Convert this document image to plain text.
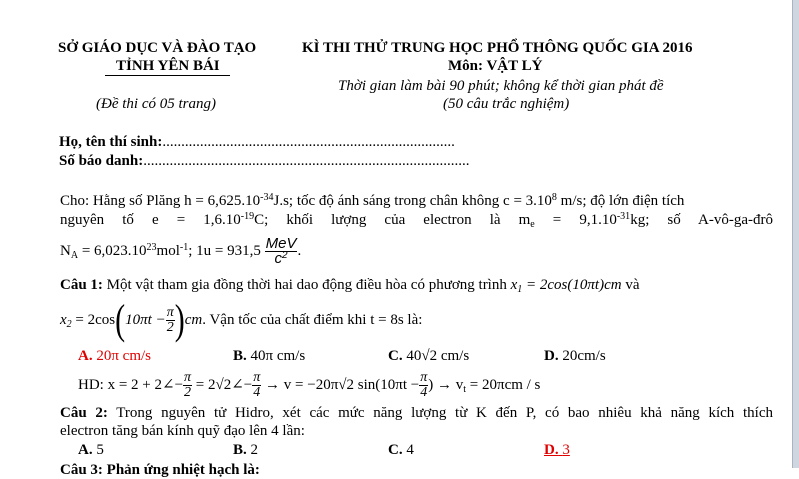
SỞ GIÁO DỤC VÀ ĐÀO TẠO
TỈNH YÊN BÁI
(Đề thi có 05 trang)
KÌ THI THỬ TRUNG HỌC PHỔ THÔNG QUỐC GIA 2016
Môn: VẬT LÝ
Thời gian làm bài 90 phút; không kể thời gian phát đề
(50 câu trắc nghiệm)
Họ, tên thí sinh:..............................................................................
Số báo danh:.......................................................................................
Cho: Hằng số Plăng $h = 6,625.10^{-34}J.s$; tốc độ ánh sáng trong chân không $c = 3.10^8$ m/s; độ lớn điện tích
nguyên tố $e = 1,6.10^{-19}C$; khối lượng của electron là $m_e = 9,1.10^{-31}kg$; số A-vô-ga-đrô
$N_A = 6,023.10^{23}mol^{-1}$; $1u = 931,5 \frac{\text{MeV}}{c^2}$ .
Câu 1: Một vật tham gia đồng thời hai dao động điều hòa có phương trình $x_1 = 2\cos(10\pi t)cm$ và
$x_2 = 2\cos(10\pi t - \frac{\pi}{2} )cm$. Vận tốc của chất điểm khi t = 8s là:
A. 20π cm/s	B. 40π cm/s	C. 40√2 cm/s	D. 20cm/s
HD: x = 2 + 2∠− $\frac{\pi}{2}$ = 2√2∠− $\frac{\pi}{4} \to v = -20\pi√2$ $\sin(10\pi t - \frac{\pi}{4}$ ) → $v_t = 20\pi cm / s$
Câu 2: Trong nguyên tử Hidro, xét các mức năng lượng từ K đến P, có bao nhiêu khả năng kích thích
electron tăng bán kính quỹ đạo lên 4 lần:
A. 5	B. 2	C. 4	D. 3
Câu 3: Phản ứng nhiệt hạch là:
